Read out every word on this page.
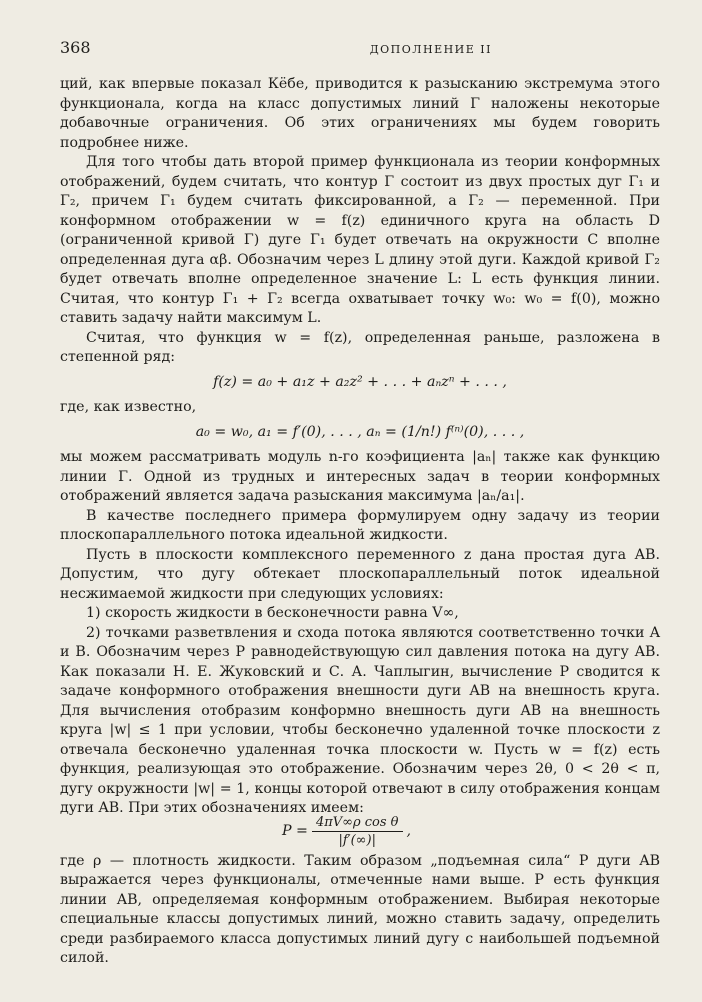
368	ДОПОЛНЕНИЕ II

ций, как впервые показал Кёбе, приводится к разысканию экстремума этого функционала, когда на класс допустимых линий Γ наложены некоторые добавочные ограничения. Об этих ограничениях мы будем говорить подробнее ниже.

Для того чтобы дать второй пример функционала из теории конформных отображений, будем считать, что контур Γ состоит из двух простых дуг Γ₁ и Γ₂, причем Γ₁ будем считать фиксированной, а Γ₂ — переменной. При конформном отображении w = f(z) единичного круга на область D (ограниченной кривой Γ) дуге Γ₁ будет отвечать на окружности C вполне определенная дуга αβ. Обозначим через L длину этой дуги. Каждой кривой Γ₂ будет отвечать вполне определенное значение L: L есть функция линии. Считая, что контур Γ₁ + Γ₂ всегда охватывает точку w₀: w₀ = f(0), можно ставить задачу найти максимум L.

Считая, что функция w = f(z), определенная раньше, разложена в степенной ряд:

f(z) = a₀ + a₁z + a₂z² + . . . + aₙzⁿ + . . . ,

где, как известно,

a₀ = w₀, a₁ = f′(0), . . . , aₙ = (1/n!) f⁽ⁿ⁾(0), . . . ,

мы можем рассматривать модуль n-го коэфициента |aₙ| также как функцию линии Γ. Одной из трудных и интересных задач в теории конформных отображений является задача разыскания максимума |aₙ/a₁|.

В качестве последнего примера формулируем одну задачу из теории плоскопараллельного потока идеальной жидкости.

Пусть в плоскости комплексного переменного z дана простая дуга AB. Допустим, что дугу обтекает плоскопараллельный поток идеальной несжимаемой жидкости при следующих условиях:

1) скорость жидкости в бесконечности равна V∞,

2) точками разветвления и схода потока являются соответственно точки A и B. Обозначим через P равнодействующую сил давления потока на дугу AB. Как показали Н. Е. Жуковский и С. А. Чаплыгин, вычисление P сводится к задаче конформного отображения внешности дуги AB на внешность круга. Для вычисления отобразим конформно внешность дуги AB на внешность круга |w| ≤ 1 при условии, чтобы бесконечно удаленной точке плоскости z отвечала бесконечно удаленная точка плоскости w. Пусть w = f(z) есть функция, реализующая это отображение. Обозначим через 2θ, 0 < 2θ < π, дугу окружности |w| = 1, концы которой отвечают в силу отображения концам дуги AB. При этих обозначениях имеем:

$P = \frac{\text{4πV∞ρ cos θ}}{|f'(\infty)|}$ ,

где ρ — плотность жидкости. Таким образом „подъемная сила“ P дуги AB выражается через функционалы, отмеченные нами выше. P есть функция линии AB, определяемая конформным отображением. Выбирая некоторые специальные классы допустимых линий, можно ставить задачу, определить среди разбираемого класса допустимых линий дугу с наибольшей подъемной силой.
